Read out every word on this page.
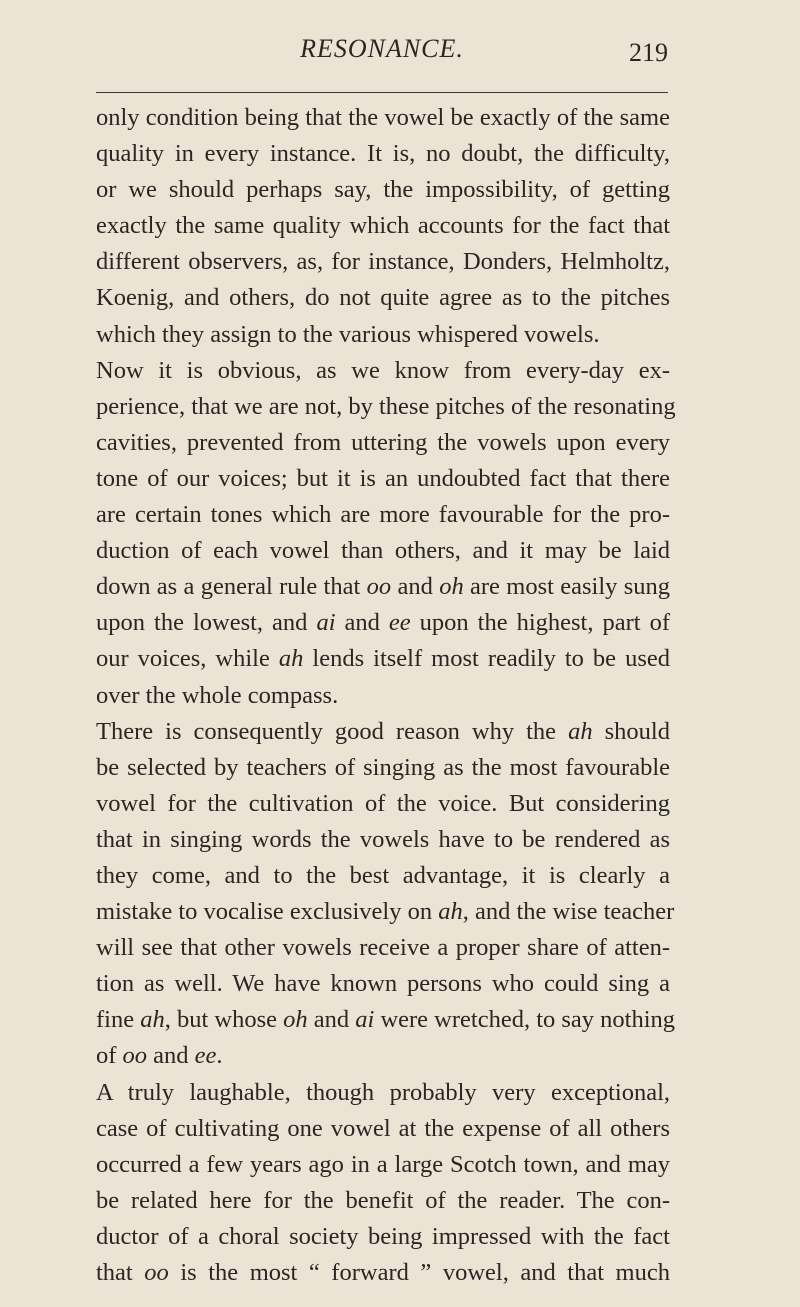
RESONANCE.	219
only condition being that the vowel be exactly of the same
quality in every instance. It is, no doubt, the difficulty,
or we should perhaps say, the impossibility, of getting
exactly the same quality which accounts for the fact that
different observers, as, for instance, Donders, Helmholtz,
Koenig, and others, do not quite agree as to the pitches
which they assign to the various whispered vowels.
Now it is obvious, as we know from every-day ex-
perience, that we are not, by these pitches of the resonating
cavities, prevented from uttering the vowels upon every
tone of our voices; but it is an undoubted fact that there
are certain tones which are more favourable for the pro-
duction of each vowel than others, and it may be laid
down as a general rule that oo and oh are most easily sung
upon the lowest, and ai and ee upon the highest, part of
our voices, while ah lends itself most readily to be used
over the whole compass.
There is consequently good reason why the ah should
be selected by teachers of singing as the most favourable
vowel for the cultivation of the voice. But considering
that in singing words the vowels have to be rendered as
they come, and to the best advantage, it is clearly a
mistake to vocalise exclusively on ah, and the wise teacher
will see that other vowels receive a proper share of atten-
tion as well. We have known persons who could sing a
fine ah, but whose oh and ai were wretched, to say nothing
of oo and ee.
A truly laughable, though probably very exceptional,
case of cultivating one vowel at the expense of all others
occurred a few years ago in a large Scotch town, and may
be related here for the benefit of the reader. The con-
ductor of a choral society being impressed with the fact
that oo is the most “ forward ” vowel, and that much
